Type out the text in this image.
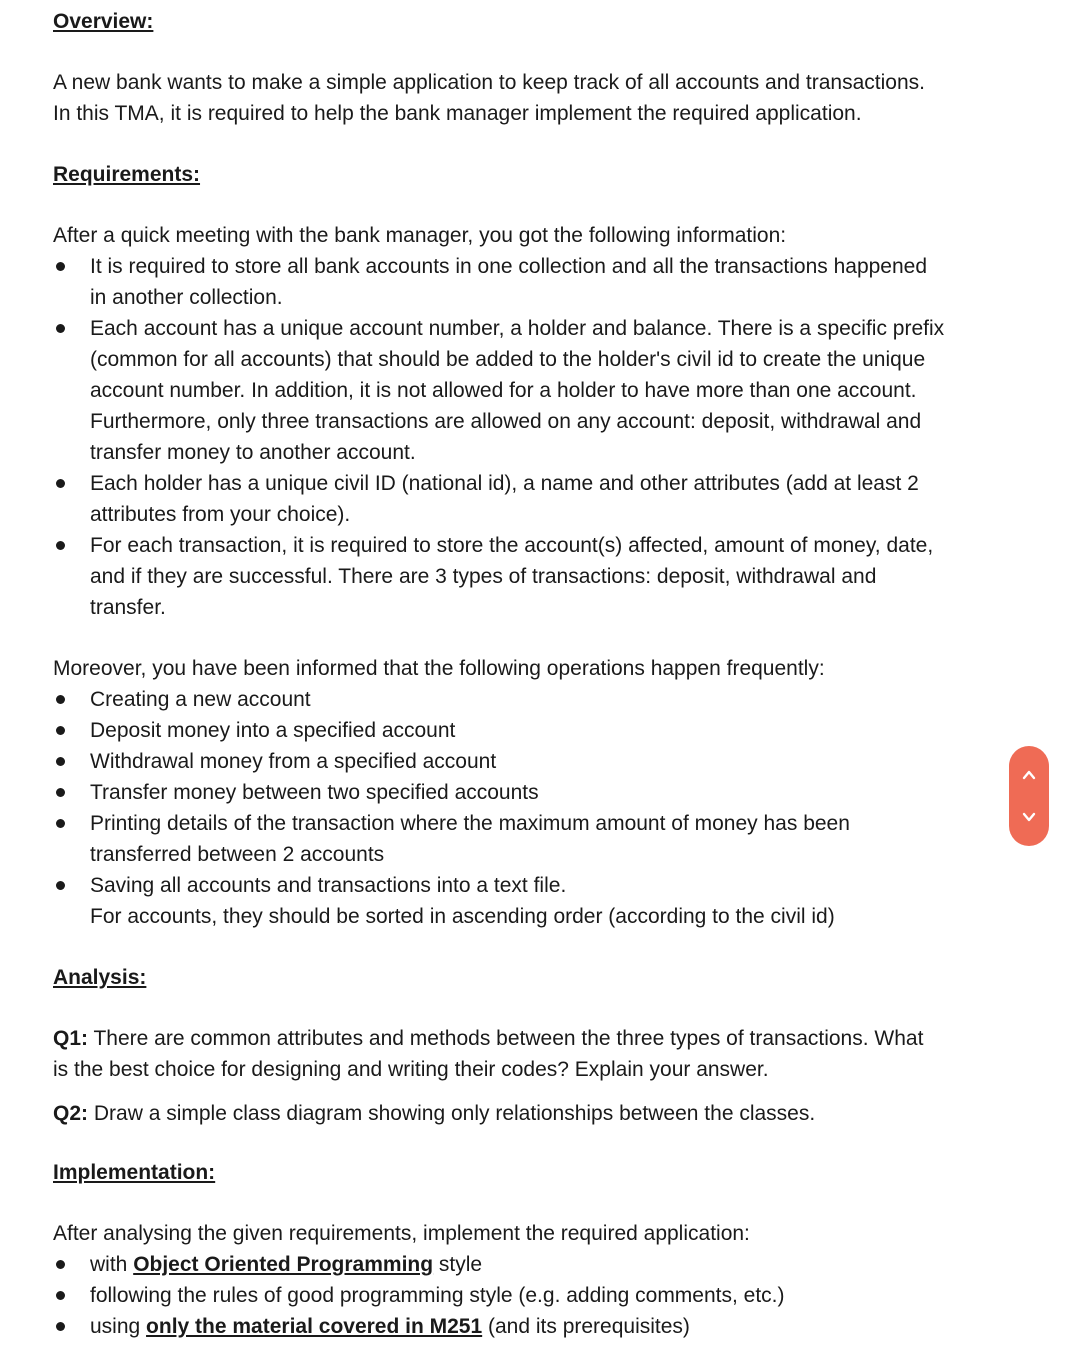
Overview:

A new bank wants to make a simple application to keep track of all accounts and transactions.

In this TMA, it is required to help the bank manager implement the required application.

Requirements:

After a quick meeting with the bank manager, you got the following information:

It is required to store all bank accounts in one collection and all the transactions happened
in another collection.
Each account has a unique account number, a holder and balance. There is a specific prefix
(common for all accounts) that should be added to the holder's civil id to create the unique
account number. In addition, it is not allowed for a holder to have more than one account.
Furthermore, only three transactions are allowed on any account: deposit, withdrawal and
transfer money to another account.
Each holder has a unique civil ID (national id), a name and other attributes (add at least 2
attributes from your choice).
For each transaction, it is required to store the account(s) affected, amount of money, date,
and if they are successful. There are 3 types of transactions: deposit, withdrawal and
transfer.

Moreover, you have been informed that the following operations happen frequently:

Creating a new account
Deposit money into a specified account
Withdrawal money from a specified account
Transfer money between two specified accounts
Printing details of the transaction where the maximum amount of money has been
transferred between 2 accounts
Saving all accounts and transactions into a text file.
For accounts, they should be sorted in ascending order (according to the civil id)

Analysis:

Q1: There are common attributes and methods between the three types of transactions. What

is the best choice for designing and writing their codes? Explain your answer.

Q2: Draw a simple class diagram showing only relationships between the classes.

Implementation:

After analysing the given requirements, implement the required application:

with Object Oriented Programming style
following the rules of good programming style (e.g. adding comments, etc.)
using only the material covered in M251 (and its prerequisites)
